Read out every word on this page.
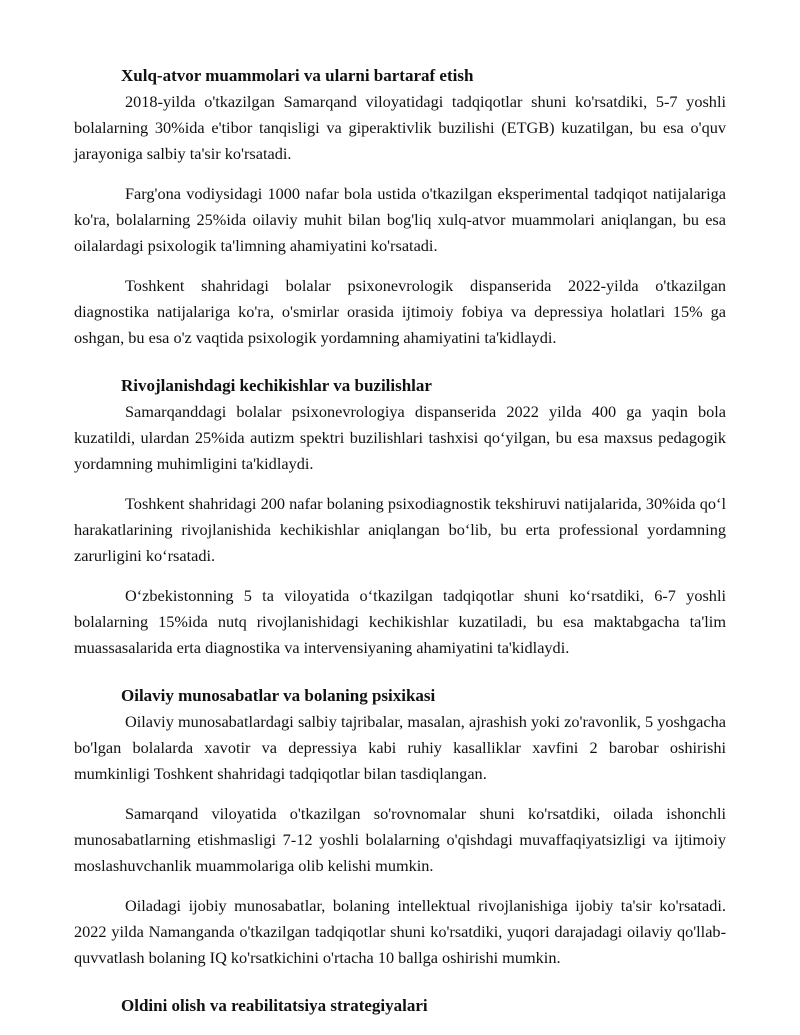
Xulq-atvor muammolari va ularni bartaraf etish

2018-yilda o'tkazilgan Samarqand viloyatidagi tadqiqotlar shuni ko'rsatdiki, 5-7 yoshli bolalarning 30%ida e'tibor tanqisligi va giperaktivlik buzilishi (ETGB) kuzatilgan, bu esa o'quv jarayoniga salbiy ta'sir ko'rsatadi.

Farg'ona vodiysidagi 1000 nafar bola ustida o'tkazilgan eksperimental tadqiqot natijalariga ko'ra, bolalarning 25%ida oilaviy muhit bilan bog'liq xulq-atvor muammolari aniqlangan, bu esa oilalardagi psixologik ta'limning ahamiyatini ko'rsatadi.

Toshkent shahridagi bolalar psixonevrologik dispanserida 2022-yilda o'tkazilgan diagnostika natijalariga ko'ra, o'smirlar orasida ijtimoiy fobiya va depressiya holatlari 15% ga oshgan, bu esa o'z vaqtida psixologik yordamning ahamiyatini ta'kidlaydi.

Rivojlanishdagi kechikishlar va buzilishlar

Samarqanddagi bolalar psixonevrologiya dispanserida 2022 yilda 400 ga yaqin bola kuzatildi, ulardan 25%ida autizm spektri buzilishlari tashxisi qo‘yilgan, bu esa maxsus pedagogik yordamning muhimligini ta'kidlaydi.

Toshkent shahridagi 200 nafar bolaning psixodiagnostik tekshiruvi natijalarida, 30%ida qo‘l harakatlarining rivojlanishida kechikishlar aniqlangan bo‘lib, bu erta professional yordamning zarurligini ko‘rsatadi.

O‘zbekistonning 5 ta viloyatida o‘tkazilgan tadqiqotlar shuni ko‘rsatdiki, 6-7 yoshli bolalarning 15%ida nutq rivojlanishidagi kechikishlar kuzatiladi, bu esa maktabgacha ta'lim muassasalarida erta diagnostika va intervensiyaning ahamiyatini ta'kidlaydi.

Oilaviy munosabatlar va bolaning psixikasi

Oilaviy munosabatlardagi salbiy tajribalar, masalan, ajrashish yoki zo'ravonlik, 5 yoshgacha bo'lgan bolalarda xavotir va depressiya kabi ruhiy kasalliklar xavfini 2 barobar oshirishi mumkinligi Toshkent shahridagi tadqiqotlar bilan tasdiqlangan.

Samarqand viloyatida o'tkazilgan so'rovnomalar shuni ko'rsatdiki, oilada ishonchli munosabatlarning etishmasligi 7-12 yoshli bolalarning o'qishdagi muvaffaqiyatsizligi va ijtimoiy moslashuvchanlik muammolariga olib kelishi mumkin.

Oiladagi ijobiy munosabatlar, bolaning intellektual rivojlanishiga ijobiy ta'sir ko'rsatadi. 2022 yilda Namanganda o'tkazilgan tadqiqotlar shuni ko'rsatdiki, yuqori darajadagi oilaviy qo'llab-quvvatlash bolaning IQ ko'rsatkichini o'rtacha 10 ballga oshirishi mumkin.

Oldini olish va reabilitatsiya strategiyalari
